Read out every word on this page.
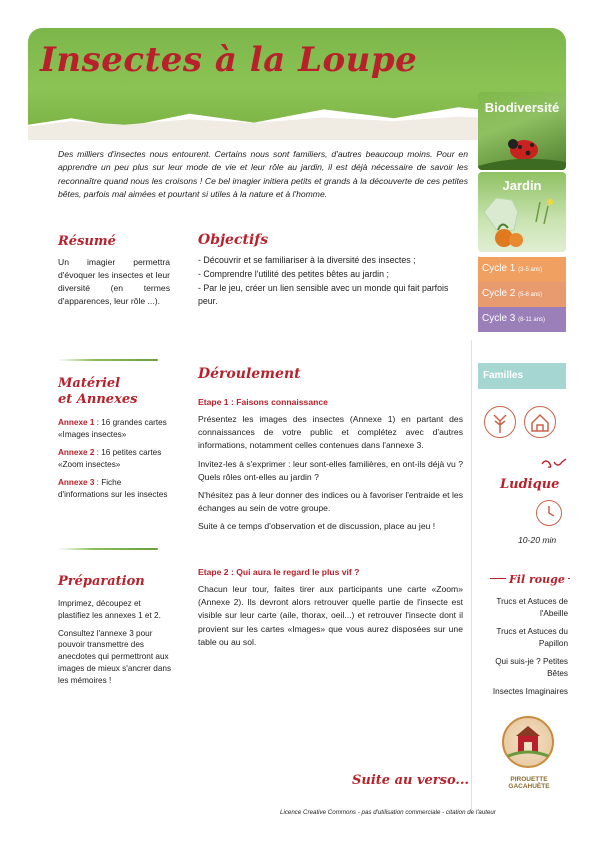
Insectes à la Loupe
Biodiversité
Jardin
Cycle 1 (3-5 ans)
Cycle 2 (5-8 ans)
Cycle 3 (8-11 ans)
Familles
Ludique
10-20 min
Fil rouge
Trucs et Astuces de l'Abeille
Trucs et Astuces du Papillon
Qui suis-je ? Petites Bêtes
Insectes Imaginaires
PIROUETTE GACAHUÈTE
Des milliers d'insectes nous entourent. Certains nous sont familiers, d'autres beaucoup moins. Pour en apprendre un peu plus sur leur mode de vie et leur rôle au jardin, il est déjà nécessaire de savoir les reconnaître quand nous les croisons ! Ce bel imagier initiera petits et grands à la découverte de ces petites bêtes, parfois mal aimées et pourtant si utiles à la nature et à l'homme.
Résumé
Un imagier permettra d'évoquer les insectes et leur diversité (en termes d'apparences, leur rôle ...).
Objectifs
- Découvrir et se familiariser à la diversité des insectes ;
- Comprendre l'utilité des petites bêtes au jardin ;
- Par le jeu, créer un lien sensible avec un monde qui fait parfois peur.
Matériel
et Annexes
Annexe 1 : 16 grandes cartes «Images insectes»
Annexe 2 : 16 petites cartes «Zoom insectes»
Annexe 3 : Fiche d'informations sur les insectes
Préparation
Imprimez, découpez et plastifiez les annexes 1 et 2.
Consultez l'annexe 3 pour pouvoir transmettre des anecdotes qui permettront aux images de mieux s'ancrer dans les mémoires !
Déroulement
Etape 1 : Faisons connaissance

Présentez les images des insectes (Annexe 1) en partant des connaissances de votre public et complétez avec d'autres informations, notamment celles contenues dans l'annexe 3.

Invitez-les à s'exprimer : leur sont-elles familières, en ont-ils déjà vu ? Quels rôles ont-elles au jardin ?

N'hésitez pas à leur donner des indices ou à favoriser l'entraide et les échanges au sein de votre groupe.

Suite à ce temps d'observation et de discussion, place au jeu !

Etape 2 : Qui aura le regard le plus vif ?

Chacun leur tour, faites tirer aux participants une carte «Zoom» (Annexe 2). Ils devront alors retrouver quelle partie de l'insecte est visible sur leur carte (aile, thorax, oeil...) et retrouver l'insecte dont il provient sur les cartes «Images» que vous aurez disposées sur une table ou au sol.

Suite au verso...
Licence Creative Commons - pas d'utilisation commerciale - citation de l'auteur
